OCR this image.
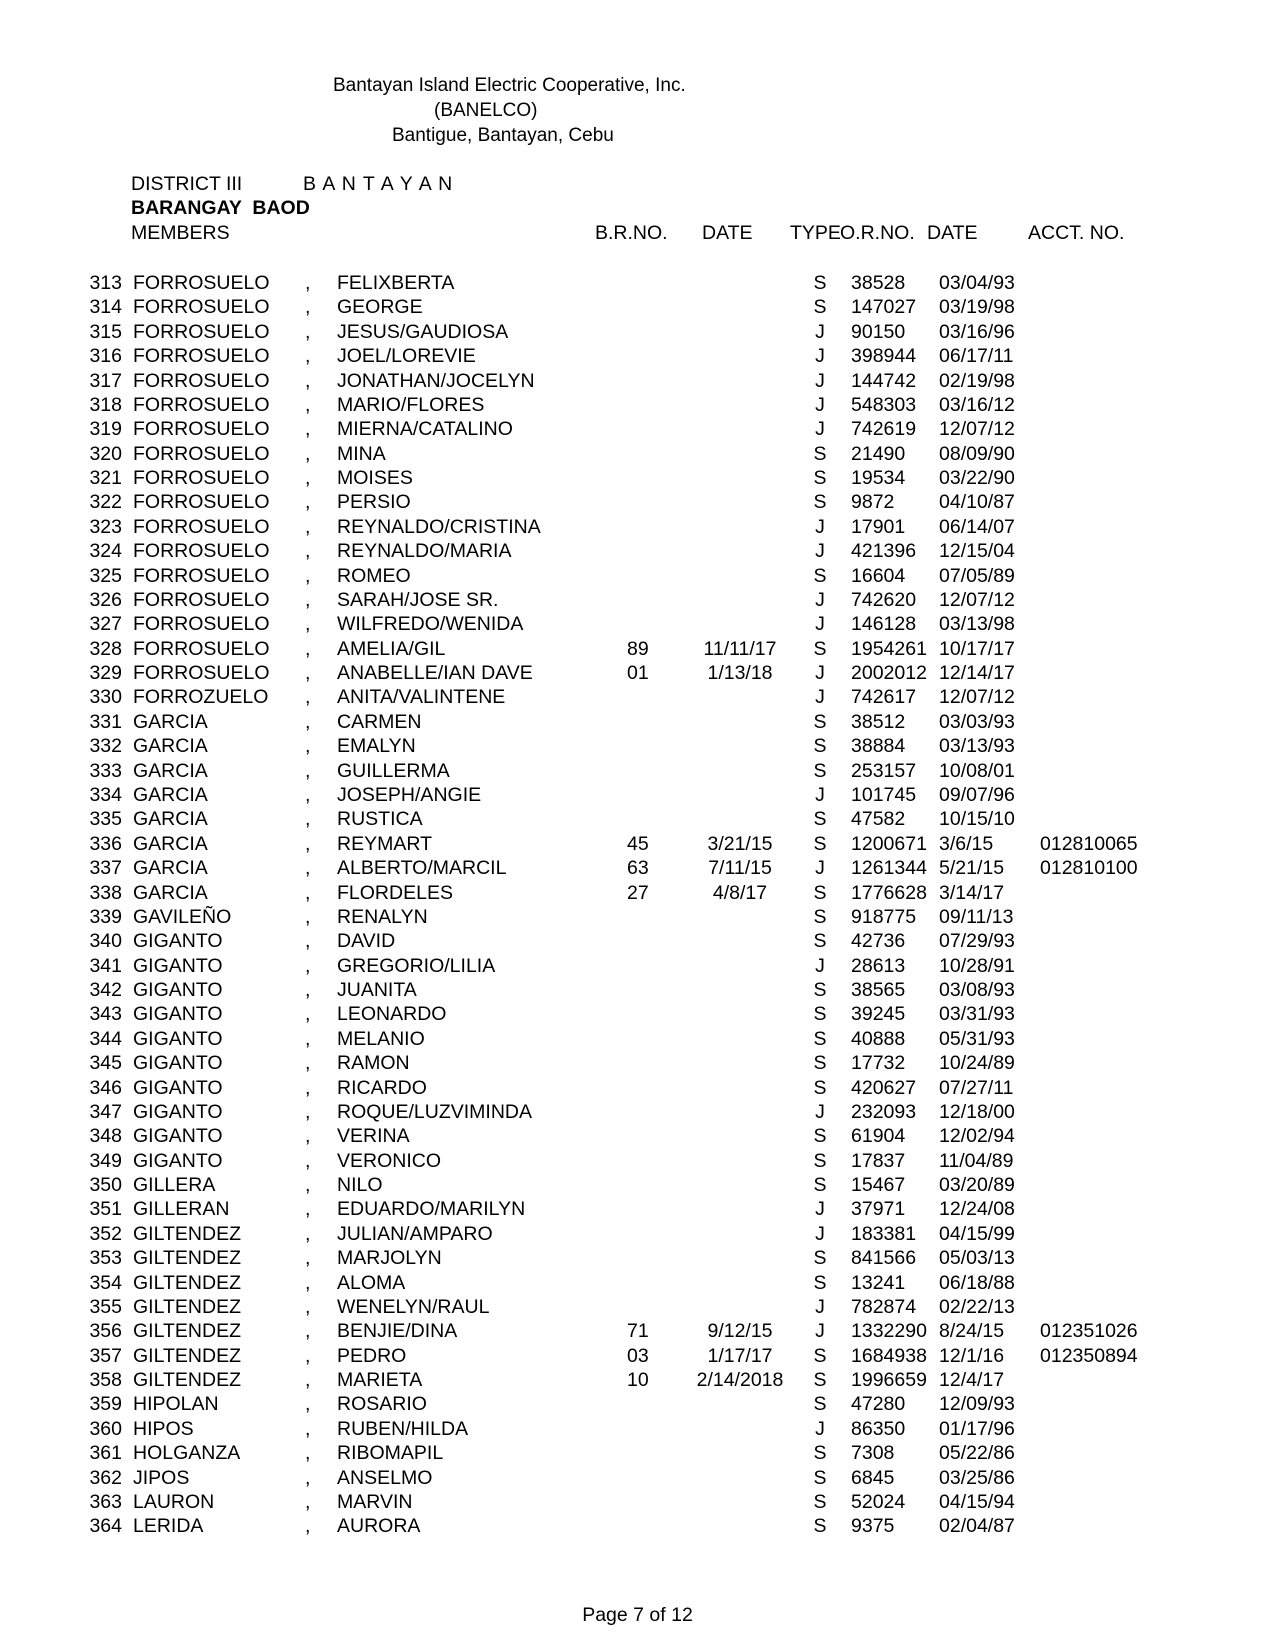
Bantayan Island Electric Cooperative, Inc.
(BANELCO)
Bantigue, Bantayan, Cebu
DISTRICT III	B A N T A Y A N
BARANGAY  BAOD
MEMBERS	B.R.NO. DATE TYPE O.R.NO. DATE	ACCT. NO.
313 FORROSUELO , FELIXBERTA	S 38528 03/04/93
314 FORROSUELO , GEORGE	S 147027 03/19/98
315 FORROSUELO , JESUS/GAUDIOSA	J	90150 03/16/96
316 FORROSUELO , JOEL/LOREVIE	J	398944 06/17/11
317 FORROSUELO , JONATHAN/JOCELYN	J	144742 02/19/98
318 FORROSUELO , MARIO/FLORES	J	548303 03/16/12
319 FORROSUELO , MIERNA/CATALINO	J	742619 12/07/12
320 FORROSUELO , MINA	S 21490 08/09/90
321 FORROSUELO , MOISES	S 19534 03/22/90
322 FORROSUELO , PERSIO	S 9872 04/10/87
323 FORROSUELO , REYNALDO/CRISTINA	J	17901 06/14/07
324 FORROSUELO , REYNALDO/MARIA	J	421396 12/15/04
325 FORROSUELO , ROMEO	S 16604 07/05/89
326 FORROSUELO , SARAH/JOSE SR.	J	742620 12/07/12
327 FORROSUELO , WILFREDO/WENIDA	J	146128 03/13/98
328 FORROSUELO , AMELIA/GIL	89	11/11/17	S 1954261 10/17/17
329 FORROSUELO , ANABELLE/IAN DAVE	01	1/13/18	J	2002012 12/14/17
330 FORROZUELO , ANITA/VALINTENE	J	742617 12/07/12
331 GARCIA	, CARMEN	S 38512 03/03/93
332 GARCIA	, EMALYN	S 38884 03/13/93
333 GARCIA	, GUILLERMA	S 253157 10/08/01
334 GARCIA	, JOSEPH/ANGIE	J	101745 09/07/96
335 GARCIA	, RUSTICA	S 47582 10/15/10
336 GARCIA	, REYMART	45	3/21/15	S 1200671 3/6/15 012810065
337 GARCIA	, ALBERTO/MARCIL	63	7/11/15	J	1261344 5/21/15 012810100
338 GARCIA	, FLORDELES	27	4/8/17	S 1776628 3/14/17
339 GAVILEÑO	, RENALYN	S 918775 09/11/13
340 GIGANTO	, DAVID	S 42736 07/29/93
341 GIGANTO	, GREGORIO/LILIA	J	28613 10/28/91
342 GIGANTO	, JUANITA	S 38565 03/08/93
343 GIGANTO	, LEONARDO	S 39245 03/31/93
344 GIGANTO	, MELANIO	S 40888 05/31/93
345 GIGANTO	, RAMON	S 17732 10/24/89
346 GIGANTO	, RICARDO	S 420627 07/27/11
347 GIGANTO	, ROQUE/LUZVIMINDA	J	232093 12/18/00
348 GIGANTO	, VERINA	S 61904 12/02/94
349 GIGANTO	, VERONICO	S 17837 11/04/89
350 GILLERA	, NILO	S 15467 03/20/89
351 GILLERAN	, EDUARDO/MARILYN	J	37971 12/24/08
352 GILTENDEZ	, JULIAN/AMPARO	J	183381 04/15/99
353 GILTENDEZ	, MARJOLYN	S 841566 05/03/13
354 GILTENDEZ	, ALOMA	S 13241 06/18/88
355 GILTENDEZ	, WENELYN/RAUL	J	782874 02/22/13
356 GILTENDEZ	, BENJIE/DINA	71	9/12/15	J	1332290 8/24/15 012351026
357 GILTENDEZ	, PEDRO	03	1/17/17	S 1684938 12/1/16 012350894
358 GILTENDEZ	, MARIETA	10	2/14/2018	S 1996659 12/4/17
359 HIPOLAN	, ROSARIO	S 47280 12/09/93
360 HIPOS	, RUBEN/HILDA	J	86350 01/17/96
361 HOLGANZA	, RIBOMAPIL	S 7308 05/22/86
362 JIPOS	, ANSELMO	S 6845 03/25/86
363 LAURON	, MARVIN	S 52024 04/15/94
364 LERIDA	, AURORA	S 9375 02/04/87
Page 7 of 12
